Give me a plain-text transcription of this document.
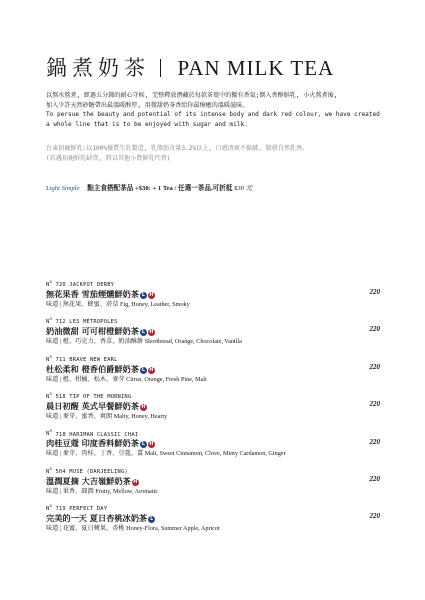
鍋煮奶茶 PAN MILK TEA

以熬水熬煮, 經過五分鐘的耐心守候, 完整釋放潛藏於每款茶葉中的獨有香氣;倒入香醇鮮乳, 小火熬煮後,

加入少許天然砂糖帶出最溫暖醇厚, 用微甜奶茶香給你最療癒的溫暖滋味。

To persue the beauty and potential of its intense body and dark red colour, we have created

a whole line that is to be enjoyed with sugar and milk.

台東初鹿鮮乳:以100%優質生乳製造, 乳脂肪含量3.2%以上, 口感清爽不黏膩, 散發自然乳香。

(若遇初鹿鮮乳缺貨, 將以其他小農鮮乳代替)

Light Simple 點主食搭配茶品 +$30: + 1 Tea / 任選一茶品,可折抵 $30 元
$N^o$ 720 JACKPOT DERBY
無花果香 雪茄煙燻鮮奶茶 L H
味道 | 無花果、蜂蜜、菸草 Fig, Honey, Leather, Smoky
220
$N^o$ 712 LES MÉTROPOLES
奶油微甜 可可柑橙鮮奶茶 L H
味道 | 橙、巧克力、香草、奶油酥餅 Shortbread, Orange, Chocolate, Vanilla
220
$N^o$ 711 BRAVE NEW EARL
杜松柔和 橙香伯爵鮮奶茶 L H
味道 | 橙、柑橘、松木、麥芽 Citrus, Orange, Fresh Pine, Malt
220
$N^o$ 518 TIP OF THE MORNING
晨日初醒 英式早餐鮮奶茶 H
味道 | 麥芽、蜜香、爽朗 Malty, Honey, Hearty
220
$N^o$ 718 HARIMAN CLASSIC CHAI
肉桂豆蔻 印度香料鮮奶茶 L H
味道 | 麥芽、肉桂、丁香、豆蔻、薑 Malt, Sweet Cinnamon, Clove, Minty Cardamon, Ginger
220
$N^o$ 504 MUSE (DARJEELING)
溫潤夏摘 大吉嶺鮮奶茶 H
味道 | 果香、圓潤 Fruity, Mellow, Aromatic
220
$N^o$ 719 PERFECT DAY
完美的一天 夏日杏桃冰奶茶 L
味道 | 花蜜、夏日蘋果、杏桃 Honey-Flora, Summer Apple, Apricot
220
